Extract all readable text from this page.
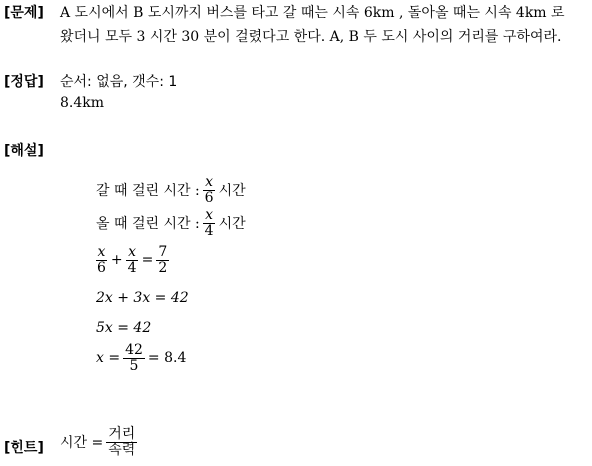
[문제] A 도시에서 B 도시까지 버스를 타고 갈 때는 시속 6km , 돌아올 때는 시속 4km 로
왔더니 모두 3 시간 30 분이 걸렸다고 한다. A, B 두 도시 사이의 거리를 구하여라.
[정답] 순서: 없음, 갯수: 1
8.4km
[해설]
갈 때 걸린 시간 : $\frac{x}{6}$ 시간
올 때 걸린 시간 : $\frac{x}{4}$ 시간
$\frac{x}{6} + \frac{x}{4} = \frac{7}{2}$
2x + 3x = 42
5x = 42
$x = \frac{42}{5} = 8.4$
[힌트] 시간 = $\frac{\text{거리}}{\text{속력}}$
